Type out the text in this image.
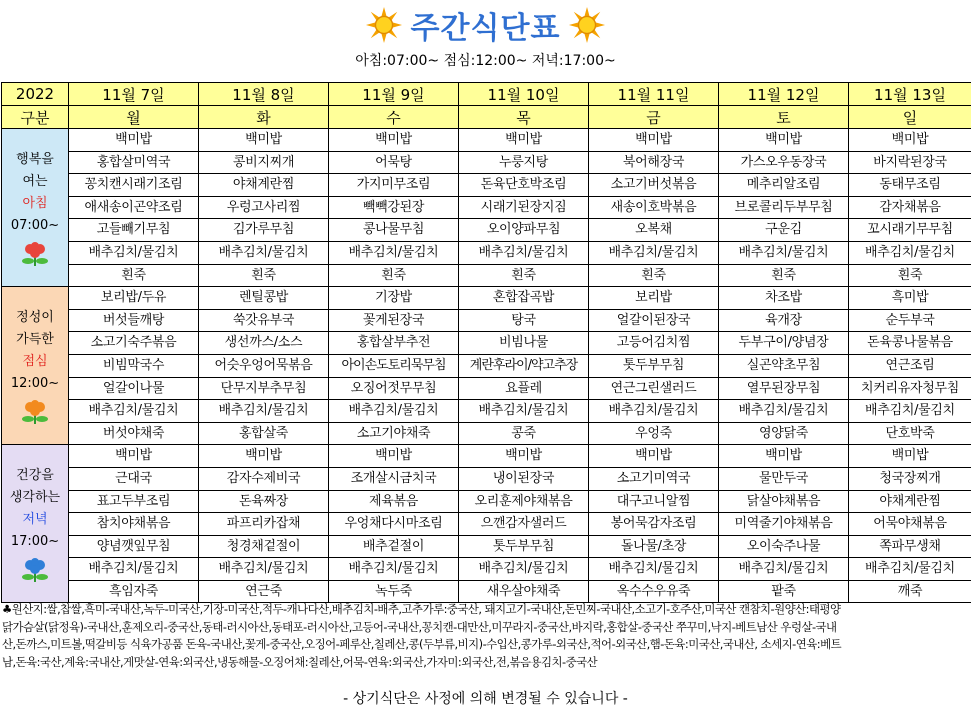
주간식단표
아침:07:00~ 점심:12:00~ 저녁:17:00~
2022	11월 7일	11월 8일	11월 9일	11월 10일	11월 11일	11월 12일	11월 13일
구분	월	화	수	목	금	토	일

행복을
여는
아침
07:00~	백미밥	백미밥	백미밥	백미밥	백미밥	백미밥	백미밥
	홍합살미역국	콩비지찌개	어묵탕	누룽지탕	북어해장국	가스오우동장국	바지락된장국
	꽁치캔시래기조림	야채계란찜	가지미무조림	돈육단호박조림	소고기버섯볶음	메추리알조림	동태무조림
	애새송이곤약조림	우렁고사리찜	빽빽강된장	시래기된장지짐	새송이호박볶음	브로콜리두부무침	감자채볶음
	고들빼기무침	김가루무침	콩나물무침	오이양파무침	오복채	구운김	꼬시래기무무침
	배추김치/물김치	배추김치/물김치	배추김치/물김치	배추김치/물김치	배추김치/물김치	배추김치/물김치	배추김치/물김치
	흰죽	흰죽	흰죽	흰죽	흰죽	흰죽	흰죽

정성이
가득한
점심
12:00~	보리밥/두유	렌틸콩밥	기장밥	혼합잡곡밥	보리밥	차조밥	흑미밥
	버섯들깨탕	쑥갓유부국	꽃게된장국	탕국	얼갈이된장국	육개장	순두부국
	소고기숙주볶음	생선까스/소스	홍합살부추전	비빔나물	고등어김치찜	두부구이/양념장	돈육콩나물볶음
	비빔막국수	어슷우엉어묵볶음	아이손도토리묵무침	계란후라이/약고추장	톳두부무침	실곤약초무침	연근조림
	얼갈이나물	단무지부추무침	오징어젓무무침	요플레	연근그린샐러드	열무된장무침	치커리유자청무침
	배추김치/물김치	배추김치/물김치	배추김치/물김치	배추김치/물김치	배추김치/물김치	배추김치/물김치	배추김치/물김치
	버섯야채죽	홍합살죽	소고기야채죽	콩죽	우엉죽	영양닭죽	단호박죽

건강을
생각하는
저녁
17:00~	백미밥	백미밥	백미밥	백미밥	백미밥	백미밥	백미밥
	근대국	감자수제비국	조개살시금치국	냉이된장국	소고기미역국	물만두국	청국장찌개
	표고두부조림	돈육짜장	제육볶음	오리훈제야채볶음	대구고니알찜	닭살야채볶음	야채계란찜
	참치야채볶음	파프리카잡채	우엉채다시마조림	으깬감자샐러드	봉어묵감자조림	미역줄기야채볶음	어묵야채볶음
	양념깻잎무침	청경채겉절이	배추겉절이	톳두부무침	돌나물/초장	오이숙주나물	쪽파무생채
	배추김치/물김치	배추김치/물김치	배추김치/물김치	배추김치/물김치	배추김치/물김치	배추김치/물김치	배추김치/물김치
	흑임자죽	연근죽	녹두죽	새우살야채죽	옥수수우유죽	팥죽	깨죽
♣원산지:쌀,찹쌀,흑미-국내산,녹두-미국산,기장-미국산,적두-캐나다산,배추김치-배추,고추가루:중국산, 돼지고기-국내산,돈민찌-국내산,소고기-호주산,미국산 캔참치-원양산:태평양
닭가슴살(닭정육)-국내산,훈제오리-중국산,동태-러시아산,동태포-러시아산,고등어-국내산,꽁치캔-대만산,미꾸라지-중국산,바지락,홍합살-중국산 쭈꾸미,낙지-베트남산 우렁살-국내
산,돈까스,미트볼,떡갈비등 식육가공품 돈육-국내산,꽃게-중국산,오징어-페루산,칠레산,콩(두부류,비지)-수입산,콩가루-외국산,적어-외국산,햄-돈육:미국산,국내산, 소세지-연육:베트
남,돈육:국산,계육:국내산,게맛살-연육:외국산,냉동해물-오징어채:칠레산,어묵-연육:외국산,가자미:외국산,전,볶음용김치-중국산
- 상기식단은 사정에 의해 변경될 수 있습니다 -
